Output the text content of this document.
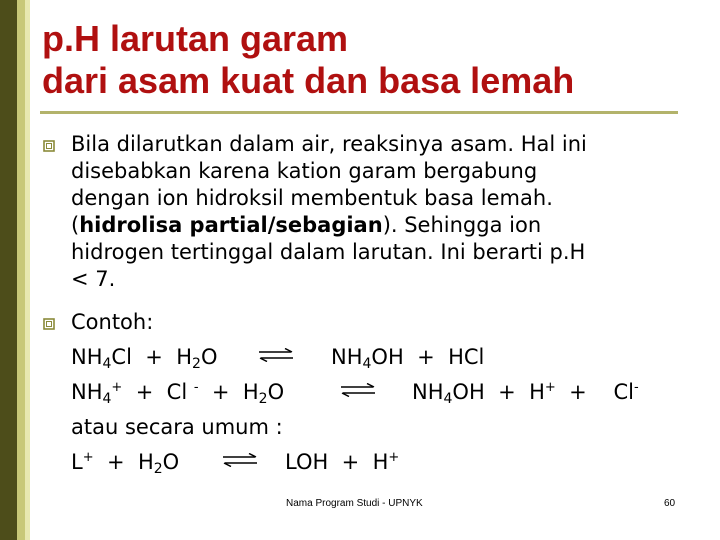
p.H larutan garam
dari asam kuat dan basa lemah
Bila dilarutkan dalam air, reaksinya asam. Hal ini
disebabkan karena kation garam bergabung
dengan ion hidroksil membentuk basa lemah.
(hidrolisa partial/sebagian). Sehingga ion
hidrogen tertinggal dalam larutan. Ini berarti p.H
< 7.
Contoh:
$NH_4Cl + H_2O$	$NH_4OH$ + HCl
$NH_4^+ + Cl$ $^- + H_2O$	$NH_4OH + H^+ + Cl^-$
atau secara umum :
$L^+ + H_2O$	LOH + H+
Nama Program Studi - UPNYK	60
